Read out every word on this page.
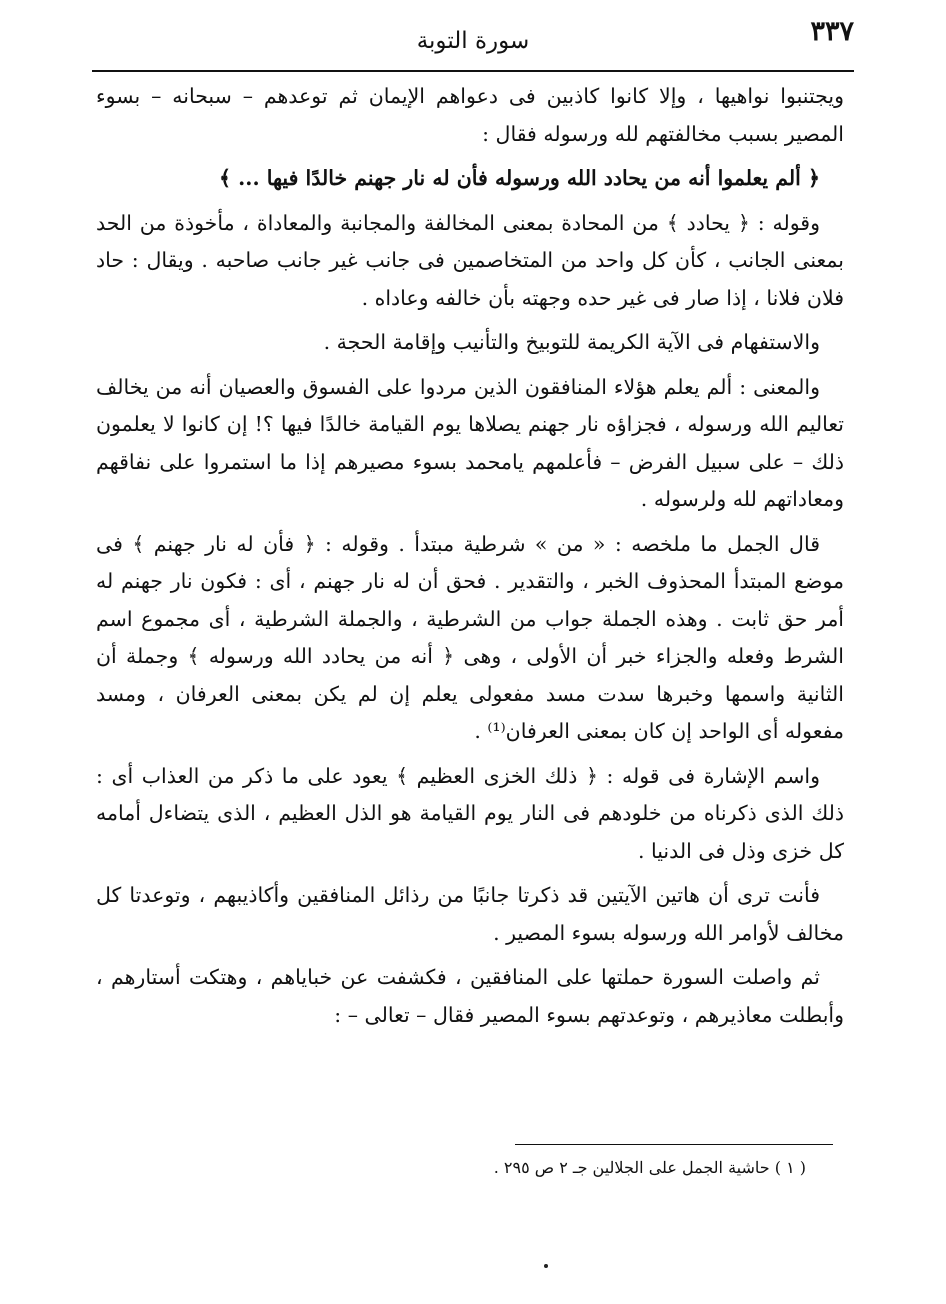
٣٣٧
سورة التوبة

ويجتنبوا نواهيها ، وإلا كانوا كاذبين فى دعواهم الإيمان ثم توعدهم – سبحانه – بسوء المصير بسبب مخالفتهم لله ورسوله فقال :

﴿ ألم يعلموا أنه من يحادد الله ورسوله فأن له نار جهنم خالدًا فيها ... ﴾

وقوله : ﴿ يحادد ﴾ من المحادة بمعنى المخالفة والمجانبة والمعاداة ، مأخوذة من الحد بمعنى الجانب ، كأن كل واحد من المتخاصمين فى جانب غير جانب صاحبه . ويقال : حاد فلان فلانا ، إذا صار فى غير حده وجهته بأن خالفه وعاداه .

والاستفهام فى الآية الكريمة للتوبيخ والتأنيب وإقامة الحجة .

والمعنى : ألم يعلم هؤلاء المنافقون الذين مردوا على الفسوق والعصيان أنه من يخالف تعاليم الله ورسوله ، فجزاؤه نار جهنم يصلاها يوم القيامة خالدًا فيها ؟! إن كانوا لا يعلمون ذلك – على سبيل الفرض – فأعلمهم يامحمد بسوء مصيرهم إذا ما استمروا على نفاقهم ومعاداتهم لله ولرسوله .

قال الجمل ما ملخصه : « من » شرطية مبتدأ . وقوله : ﴿ فأن له نار جهنم ﴾ فى موضع المبتدأ المحذوف الخبر ، والتقدير . فحق أن له نار جهنم ، أى : فكون نار جهنم له أمر حق ثابت . وهذه الجملة جواب من الشرطية ، والجملة الشرطية ، أى مجموع اسم الشرط وفعله والجزاء خبر أن الأولى ، وهى ﴿ أنه من يحادد الله ورسوله ﴾ وجملة أن الثانية واسمها وخبرها سدت مسد مفعولى يعلم إن لم يكن بمعنى العرفان ، ومسد مفعوله أى الواحد إن كان بمعنى العرفان⁽¹⁾ .

واسم الإشارة فى قوله : ﴿ ذلك الخزى العظيم ﴾ يعود على ما ذكر من العذاب أى : ذلك الذى ذكرناه من خلودهم فى النار يوم القيامة هو الذل العظيم ، الذى يتضاءل أمامه كل خزى وذل فى الدنيا .

فأنت ترى أن هاتين الآيتين قد ذكرتا جانبًا من رذائل المنافقين وأكاذيبهم ، وتوعدتا كل مخالف لأوامر الله ورسوله بسوء المصير .

ثم واصلت السورة حملتها على المنافقين ، فكشفت عن خباياهم ، وهتكت أستارهم ، وأبطلت معاذيرهم ، وتوعدتهم بسوء المصير فقال – تعالى – :

( ١ ) حاشية الجمل على الجلالين جـ ٢ ص ٢٩٥ .
